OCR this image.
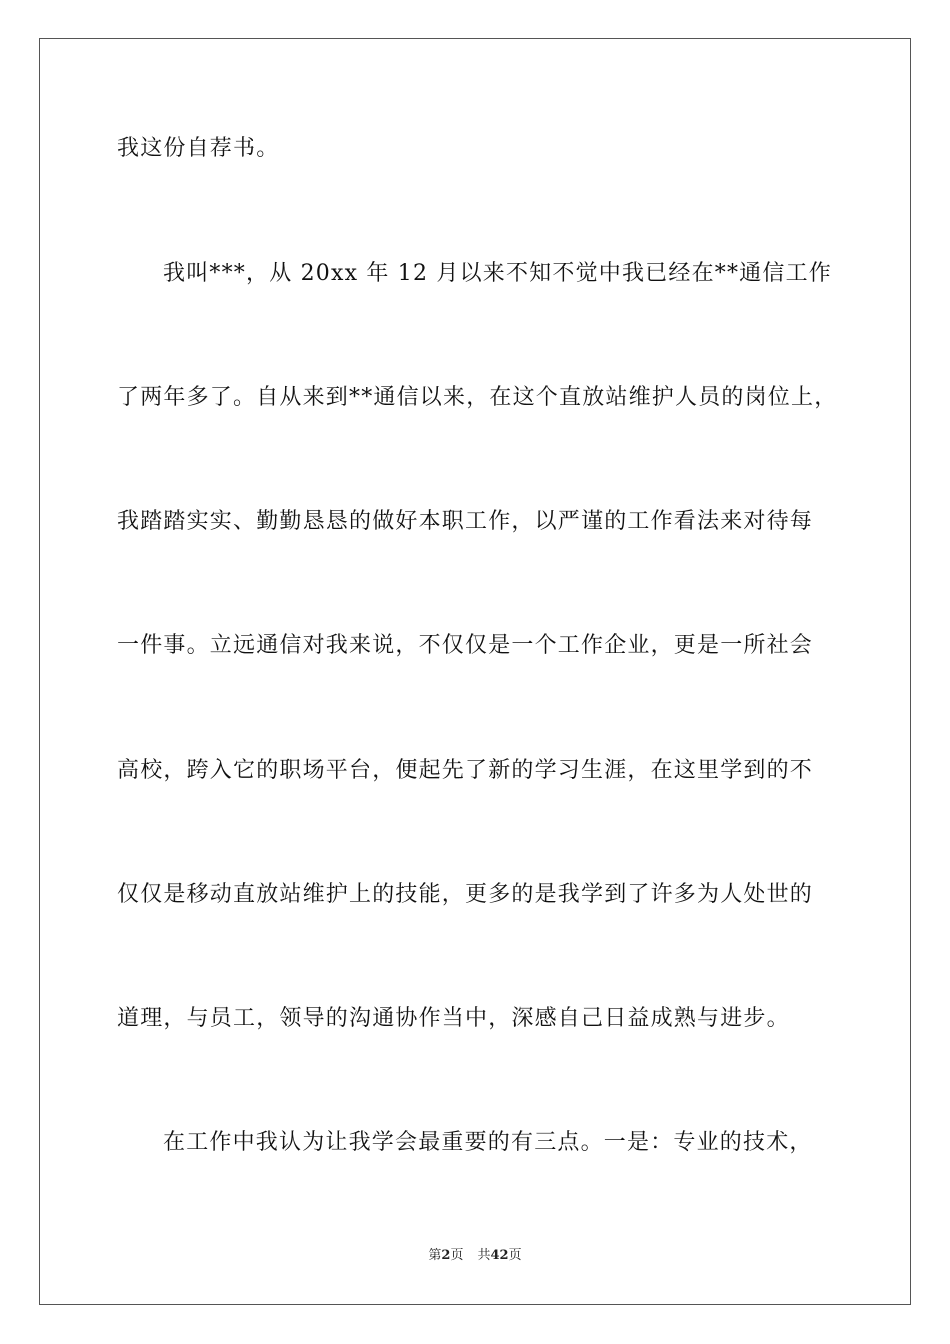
我这份自荐书。
我叫***，从 20xx 年 12 月以来不知不觉中我已经在**通信工作
了两年多了。自从来到**通信以来，在这个直放站维护人员的岗位上，
我踏踏实实、勤勤恳恳的做好本职工作，以严谨的工作看法来对待每
一件事。立远通信对我来说，不仅仅是一个工作企业，更是一所社会
高校，跨入它的职场平台，便起先了新的学习生涯，在这里学到的不
仅仅是移动直放站维护上的技能，更多的是我学到了许多为人处世的
道理，与员工，领导的沟通协作当中，深感自己日益成熟与进步。
在工作中我认为让我学会最重要的有三点。一是：专业的技术，
第2页 共42页
